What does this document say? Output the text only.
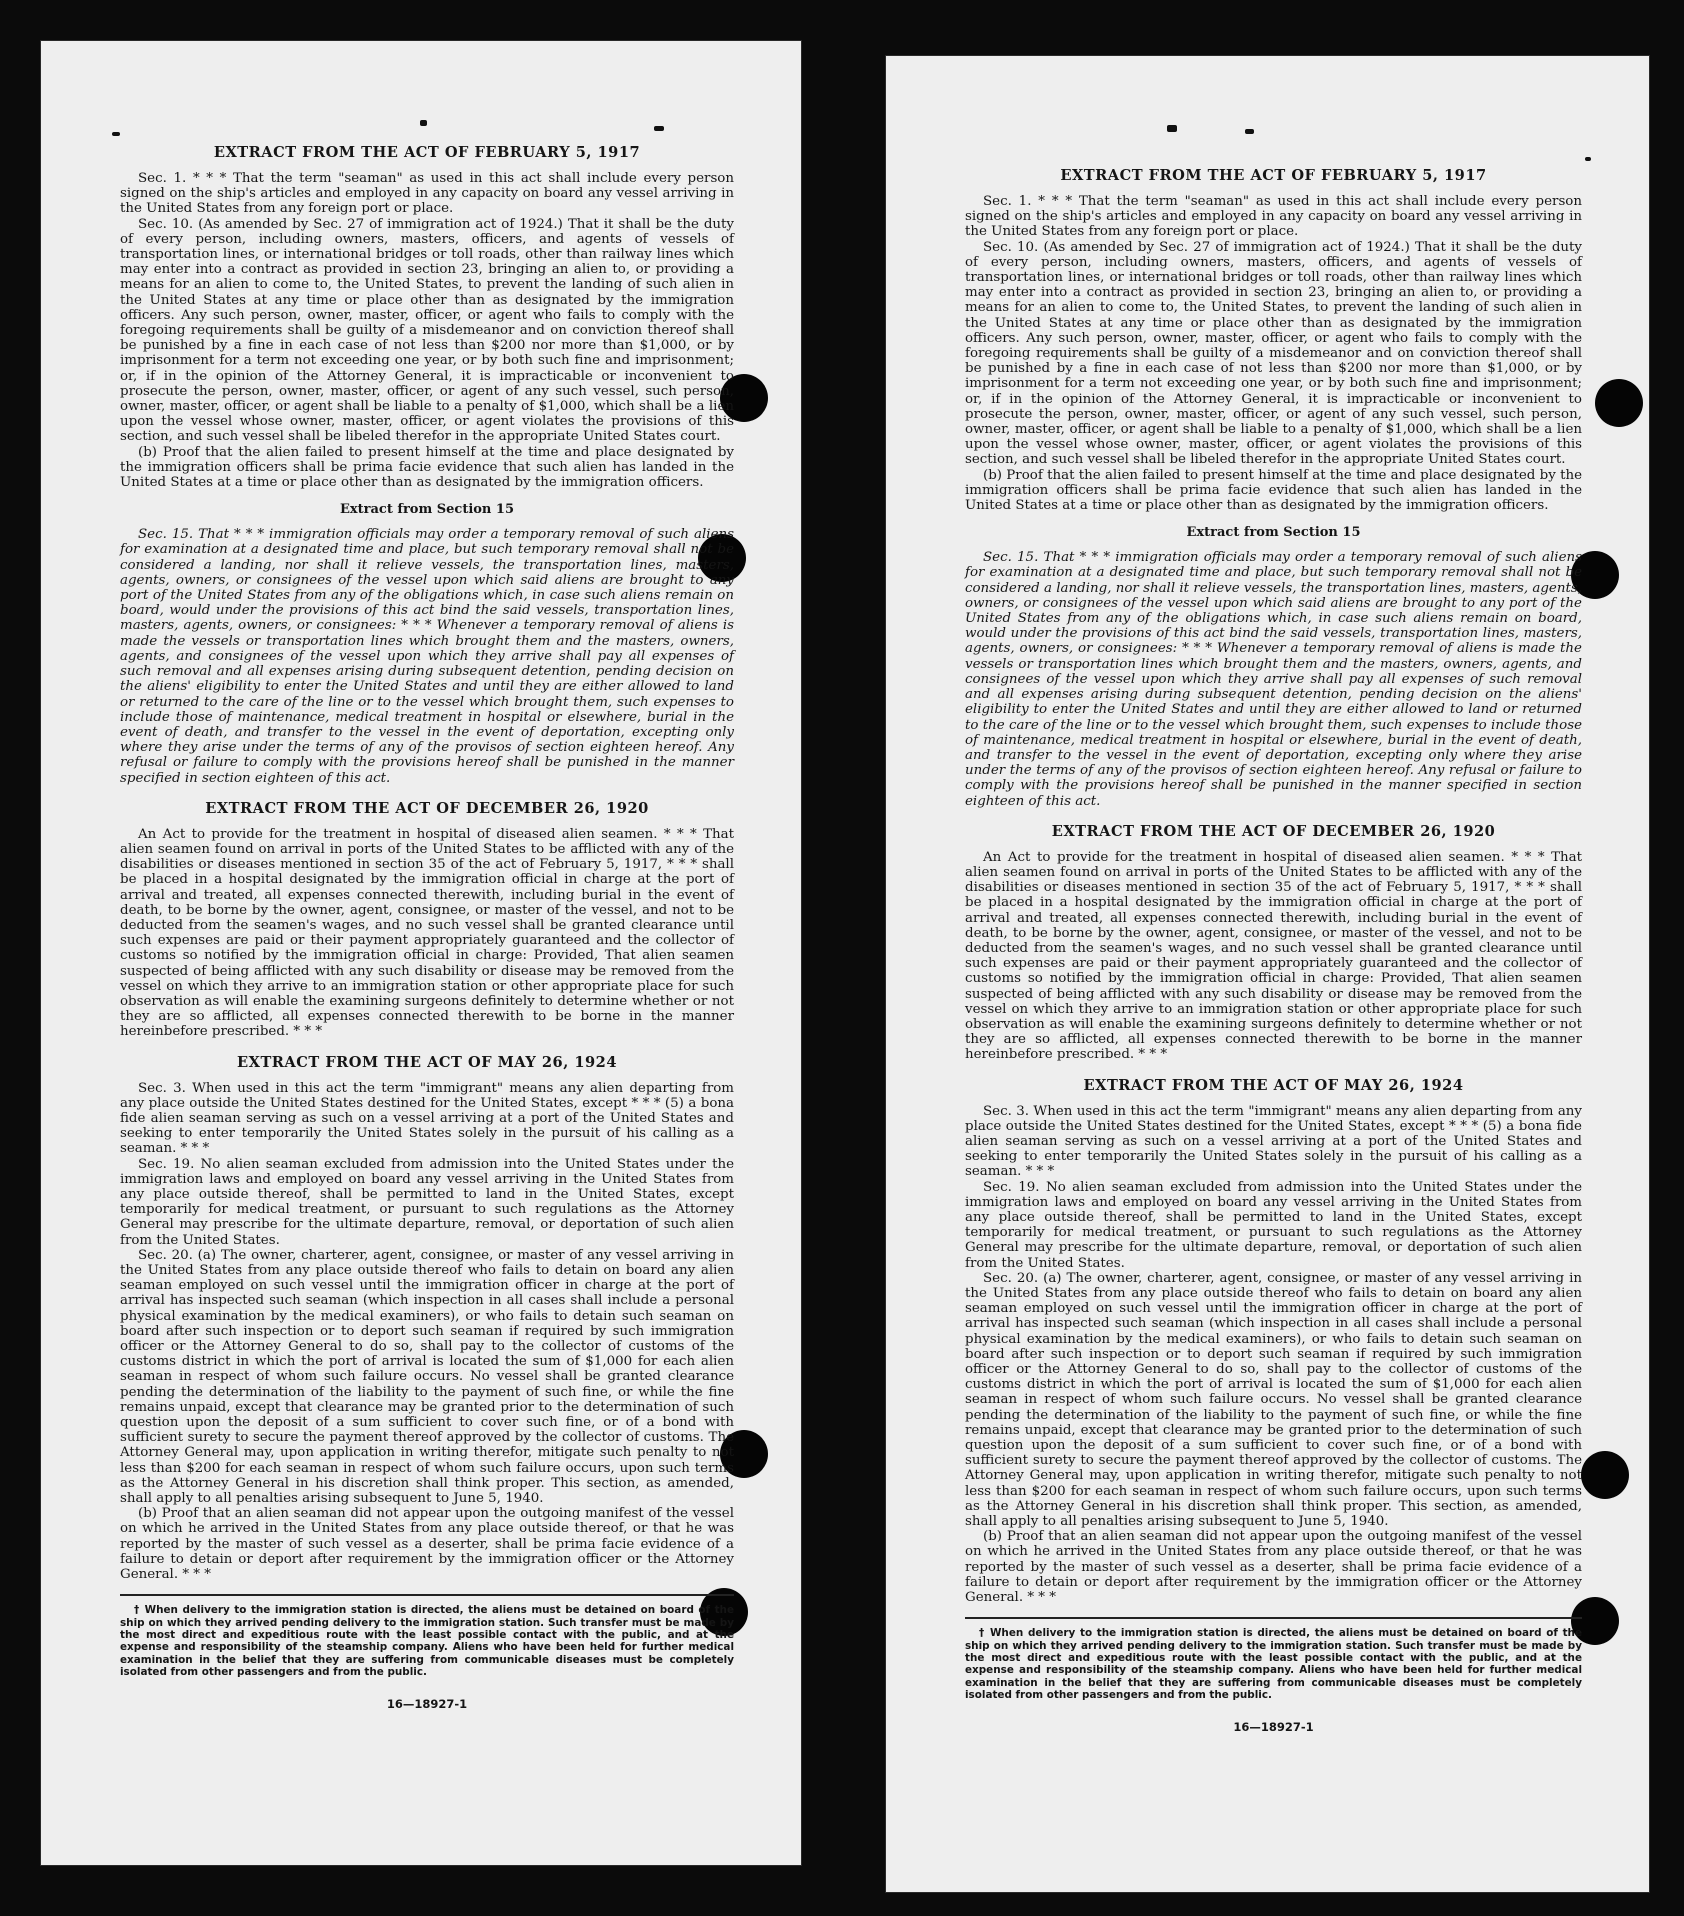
EXTRACT FROM THE ACT OF FEBRUARY 5, 1917

Sec. 1. * * * That the term "seaman" as used in this act shall include every person signed on the ship's articles and employed in any capacity on board any vessel arriving in the United States from any foreign port or place.

Sec. 10. (As amended by Sec. 27 of immigration act of 1924.) That it shall be the duty of every person, including owners, masters, officers, and agents of vessels of transportation lines, or international bridges or toll roads, other than railway lines which may enter into a contract as provided in section 23, bringing an alien to, or providing a means for an alien to come to, the United States, to prevent the landing of such alien in the United States at any time or place other than as designated by the immigration officers. Any such person, owner, master, officer, or agent who fails to comply with the foregoing requirements shall be guilty of a misdemeanor and on conviction thereof shall be punished by a fine in each case of not less than $200 nor more than $1,000, or by imprisonment for a term not exceeding one year, or by both such fine and imprisonment; or, if in the opinion of the Attorney General, it is impracticable or inconvenient to prosecute the person, owner, master, officer, or agent of any such vessel, such person, owner, master, officer, or agent shall be liable to a penalty of $1,000, which shall be a lien upon the vessel whose owner, master, officer, or agent violates the provisions of this section, and such vessel shall be libeled therefor in the appropriate United States court.

(b) Proof that the alien failed to present himself at the time and place designated by the immigration officers shall be prima facie evidence that such alien has landed in the United States at a time or place other than as designated by the immigration officers.

Extract from Section 15

Sec. 15. That * * * immigration officials may order a temporary removal of such aliens for examination at a designated time and place, but such temporary removal shall not be considered a landing, nor shall it relieve vessels, the transportation lines, masters, agents, owners, or consignees of the vessel upon which said aliens are brought to any port of the United States from any of the obligations which, in case such aliens remain on board, would under the provisions of this act bind the said vessels, transportation lines, masters, agents, owners, or consignees: * * * Whenever a temporary removal of aliens is made the vessels or transportation lines which brought them and the masters, owners, agents, and consignees of the vessel upon which they arrive shall pay all expenses of such removal and all expenses arising during subsequent detention, pending decision on the aliens' eligibility to enter the United States and until they are either allowed to land or returned to the care of the line or to the vessel which brought them, such expenses to include those of maintenance, medical treatment in hospital or elsewhere, burial in the event of death, and transfer to the vessel in the event of deportation, excepting only where they arise under the terms of any of the provisos of section eighteen hereof. Any refusal or failure to comply with the provisions hereof shall be punished in the manner specified in section eighteen of this act.

EXTRACT FROM THE ACT OF DECEMBER 26, 1920

An Act to provide for the treatment in hospital of diseased alien seamen. * * * That alien seamen found on arrival in ports of the United States to be afflicted with any of the disabilities or diseases mentioned in section 35 of the act of February 5, 1917, * * * shall be placed in a hospital designated by the immigration official in charge at the port of arrival and treated, all expenses connected therewith, including burial in the event of death, to be borne by the owner, agent, consignee, or master of the vessel, and not to be deducted from the seamen's wages, and no such vessel shall be granted clearance until such expenses are paid or their payment appropriately guaranteed and the collector of customs so notified by the immigration official in charge: Provided, That alien seamen suspected of being afflicted with any such disability or disease may be removed from the vessel on which they arrive to an immigration station or other appropriate place for such observation as will enable the examining surgeons definitely to determine whether or not they are so afflicted, all expenses connected therewith to be borne in the manner hereinbefore prescribed. * * *

EXTRACT FROM THE ACT OF MAY 26, 1924

Sec. 3. When used in this act the term "immigrant" means any alien departing from any place outside the United States destined for the United States, except * * * (5) a bona fide alien seaman serving as such on a vessel arriving at a port of the United States and seeking to enter temporarily the United States solely in the pursuit of his calling as a seaman. * * *

Sec. 19. No alien seaman excluded from admission into the United States under the immigration laws and employed on board any vessel arriving in the United States from any place outside thereof, shall be permitted to land in the United States, except temporarily for medical treatment, or pursuant to such regulations as the Attorney General may prescribe for the ultimate departure, removal, or deportation of such alien from the United States.

Sec. 20. (a) The owner, charterer, agent, consignee, or master of any vessel arriving in the United States from any place outside thereof who fails to detain on board any alien seaman employed on such vessel until the immigration officer in charge at the port of arrival has inspected such seaman (which inspection in all cases shall include a personal physical examination by the medical examiners), or who fails to detain such seaman on board after such inspection or to deport such seaman if required by such immigration officer or the Attorney General to do so, shall pay to the collector of customs of the customs district in which the port of arrival is located the sum of $1,000 for each alien seaman in respect of whom such failure occurs. No vessel shall be granted clearance pending the determination of the liability to the payment of such fine, or while the fine remains unpaid, except that clearance may be granted prior to the determination of such question upon the deposit of a sum sufficient to cover such fine, or of a bond with sufficient surety to secure the payment thereof approved by the collector of customs. The Attorney General may, upon application in writing therefor, mitigate such penalty to not less than $200 for each seaman in respect of whom such failure occurs, upon such terms as the Attorney General in his discretion shall think proper. This section, as amended, shall apply to all penalties arising subsequent to June 5, 1940.

(b) Proof that an alien seaman did not appear upon the outgoing manifest of the vessel on which he arrived in the United States from any place outside thereof, or that he was reported by the master of such vessel as a deserter, shall be prima facie evidence of a failure to detain or deport after requirement by the immigration officer or the Attorney General. * * *

† When delivery to the immigration station is directed, the aliens must be detained on board of the ship on which they arrived pending delivery to the immigration station. Such transfer must be made by the most direct and expeditious route with the least possible contact with the public, and at the expense and responsibility of the steamship company. Aliens who have been held for further medical examination in the belief that they are suffering from communicable diseases must be completely isolated from other passengers and from the public.

16—18927-1
EXTRACT FROM THE ACT OF FEBRUARY 5, 1917

Sec. 1. * * * That the term "seaman" as used in this act shall include every person signed on the ship's articles and employed in any capacity on board any vessel arriving in the United States from any foreign port or place.

Sec. 10. (As amended by Sec. 27 of immigration act of 1924.) That it shall be the duty of every person, including owners, masters, officers, and agents of vessels of transportation lines, or international bridges or toll roads, other than railway lines which may enter into a contract as provided in section 23, bringing an alien to, or providing a means for an alien to come to, the United States, to prevent the landing of such alien in the United States at any time or place other than as designated by the immigration officers. Any such person, owner, master, officer, or agent who fails to comply with the foregoing requirements shall be guilty of a misdemeanor and on conviction thereof shall be punished by a fine in each case of not less than $200 nor more than $1,000, or by imprisonment for a term not exceeding one year, or by both such fine and imprisonment; or, if in the opinion of the Attorney General, it is impracticable or inconvenient to prosecute the person, owner, master, officer, or agent of any such vessel, such person, owner, master, officer, or agent shall be liable to a penalty of $1,000, which shall be a lien upon the vessel whose owner, master, officer, or agent violates the provisions of this section, and such vessel shall be libeled therefor in the appropriate United States court.

(b) Proof that the alien failed to present himself at the time and place designated by the immigration officers shall be prima facie evidence that such alien has landed in the United States at a time or place other than as designated by the immigration officers.

Extract from Section 15

Sec. 15. That * * * immigration officials may order a temporary removal of such aliens for examination at a designated time and place, but such temporary removal shall not be considered a landing, nor shall it relieve vessels, the transportation lines, masters, agents, owners, or consignees of the vessel upon which said aliens are brought to any port of the United States from any of the obligations which, in case such aliens remain on board, would under the provisions of this act bind the said vessels, transportation lines, masters, agents, owners, or consignees: * * * Whenever a temporary removal of aliens is made the vessels or transportation lines which brought them and the masters, owners, agents, and consignees of the vessel upon which they arrive shall pay all expenses of such removal and all expenses arising during subsequent detention, pending decision on the aliens' eligibility to enter the United States and until they are either allowed to land or returned to the care of the line or to the vessel which brought them, such expenses to include those of maintenance, medical treatment in hospital or elsewhere, burial in the event of death, and transfer to the vessel in the event of deportation, excepting only where they arise under the terms of any of the provisos of section eighteen hereof. Any refusal or failure to comply with the provisions hereof shall be punished in the manner specified in section eighteen of this act.

EXTRACT FROM THE ACT OF DECEMBER 26, 1920

An Act to provide for the treatment in hospital of diseased alien seamen. * * * That alien seamen found on arrival in ports of the United States to be afflicted with any of the disabilities or diseases mentioned in section 35 of the act of February 5, 1917, * * * shall be placed in a hospital designated by the immigration official in charge at the port of arrival and treated, all expenses connected therewith, including burial in the event of death, to be borne by the owner, agent, consignee, or master of the vessel, and not to be deducted from the seamen's wages, and no such vessel shall be granted clearance until such expenses are paid or their payment appropriately guaranteed and the collector of customs so notified by the immigration official in charge: Provided, That alien seamen suspected of being afflicted with any such disability or disease may be removed from the vessel on which they arrive to an immigration station or other appropriate place for such observation as will enable the examining surgeons definitely to determine whether or not they are so afflicted, all expenses connected therewith to be borne in the manner hereinbefore prescribed. * * *

EXTRACT FROM THE ACT OF MAY 26, 1924

Sec. 3. When used in this act the term "immigrant" means any alien departing from any place outside the United States destined for the United States, except * * * (5) a bona fide alien seaman serving as such on a vessel arriving at a port of the United States and seeking to enter temporarily the United States solely in the pursuit of his calling as a seaman. * * *

Sec. 19. No alien seaman excluded from admission into the United States under the immigration laws and employed on board any vessel arriving in the United States from any place outside thereof, shall be permitted to land in the United States, except temporarily for medical treatment, or pursuant to such regulations as the Attorney General may prescribe for the ultimate departure, removal, or deportation of such alien from the United States.

Sec. 20. (a) The owner, charterer, agent, consignee, or master of any vessel arriving in the United States from any place outside thereof who fails to detain on board any alien seaman employed on such vessel until the immigration officer in charge at the port of arrival has inspected such seaman (which inspection in all cases shall include a personal physical examination by the medical examiners), or who fails to detain such seaman on board after such inspection or to deport such seaman if required by such immigration officer or the Attorney General to do so, shall pay to the collector of customs of the customs district in which the port of arrival is located the sum of $1,000 for each alien seaman in respect of whom such failure occurs. No vessel shall be granted clearance pending the determination of the liability to the payment of such fine, or while the fine remains unpaid, except that clearance may be granted prior to the determination of such question upon the deposit of a sum sufficient to cover such fine, or of a bond with sufficient surety to secure the payment thereof approved by the collector of customs. The Attorney General may, upon application in writing therefor, mitigate such penalty to not less than $200 for each seaman in respect of whom such failure occurs, upon such terms as the Attorney General in his discretion shall think proper. This section, as amended, shall apply to all penalties arising subsequent to June 5, 1940.

(b) Proof that an alien seaman did not appear upon the outgoing manifest of the vessel on which he arrived in the United States from any place outside thereof, or that he was reported by the master of such vessel as a deserter, shall be prima facie evidence of a failure to detain or deport after requirement by the immigration officer or the Attorney General. * * *

† When delivery to the immigration station is directed, the aliens must be detained on board of the ship on which they arrived pending delivery to the immigration station. Such transfer must be made by the most direct and expeditious route with the least possible contact with the public, and at the expense and responsibility of the steamship company. Aliens who have been held for further medical examination in the belief that they are suffering from communicable diseases must be completely isolated from other passengers and from the public.

16—18927-1
